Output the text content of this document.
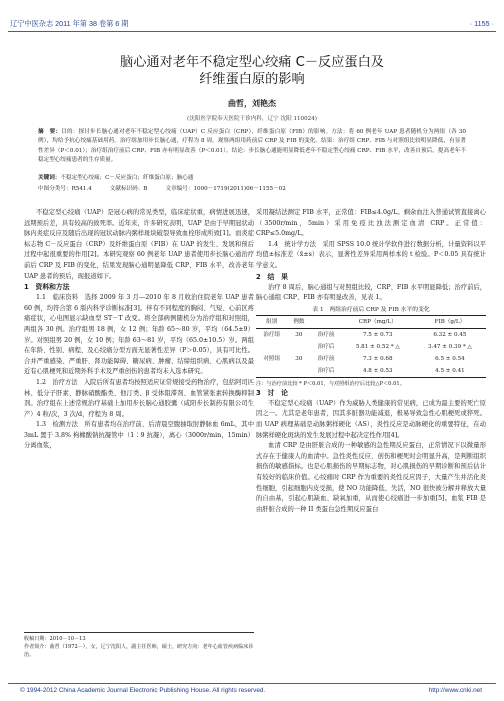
辽宁中医杂志 2011 年第 38 卷第 6 期	· 1155 ·
脑心通对老年不稳定型心绞痛 C－反应蛋白及
纤维蛋白原的影响
曲哲，刘艳杰
(沈阳医学院奉天医院干诊内科，辽宁 沈阳 110024)
摘　要：目的：探讨步长脑心通对老年不稳定型心绞痛（UAP）C 反应蛋白（CRP）、纤维蛋白原（FIB）的影响。方法：将 60 例老年 UAP 患者随机分为两组（各 30 例），均给予抗心绞痛基础用药。治疗组加用步长脑心通，疗程为 8 周，观察两组用药前后 CRP 及 FIB 的变化。结果：治疗组 CRP、FIB 与对照组比较明显降低，有显著性差异（P＜0.01）；治疗组治疗前后 CRP、FIB 亦有明显改善（P＜0.01）。结论：步长脑心通能明显降低老年不稳定型心绞痛 CRP、FIB 水平，改善自预后，提高老年不稳定型心绞痛患者的生存质量。
关键词：不稳定型心绞痛；C－反应蛋白；纤维蛋白原；脑心通
中图分类号：R541.4	文献标识码：B	文章编号：1000－1719(2011)06－1155－02

不稳定型心绞痛（UAP）是冠心病的常见类型，临床症状重，病情进展迅速，远期预后差，具有较高的致死率。近年来，许多研究表明，UAP 是由于早期冠状动脉内炎症反应及随后出现的冠状动脉内粥样斑块破裂导致血栓形成所致[1]。而炎症标志物 C－反应蛋白（CRP）及纤维蛋白原（FIB）在 UAP 的发生、发展和预后过程中起很重要的作用[2]。本研究观察 60 例老年 UAP 患者使用步长脑心通治疗前后 CRP 及 FIB 的变化，结果发现脑心通明显降低 CRP、FIB 水平，改善老年 UAP 患者的预后，现报道如下。

1　资料和方法

1.1　临床资料　选择 2009 年 3 月—2010 年 8 月收治住院老年 UAP 患者 60 例，均符合第 6 版内科学诊断标准[3]。伴有不同程度的胸闷、气短、心前区疼痛症状，心电图显示缺血型 ST－T 改变。将全部病例随机分为治疗组和对照组，两组各 30 例。治疗组男 18 例，女 12 例；年龄 65～80 岁，平均（64.5±9）岁。对照组男 20 例，女 10 例；年龄 63～81 岁，平均（65.0±10.5）岁。两组在年龄、性别、病程、及心绞痛分型方面无显著性差异（P＞0.05），具有可比性。合并严重感染、严重肝、肾功能障碍、糖尿病、肿瘤、结缔组织病、心肌病以及最近有心肌梗死和近期外科手术及严重创伤的患者均未入选本研究。

1.2　治疗方法　入院后所有患者均按照适应证常规接受药物治疗，包括阿司匹林、低分子肝素、静脉硝酸酯类、他汀类、β 受体阻滞剂、血管紧张素转换酶抑制剂。治疗组在上述常规治疗基础上加用步长脑心通胶囊（咸阳步长制药有限公司生产）4 粒/次，3 次/d，疗程为 8 周。

1.3　检测方法　所有患者均在治疗前、后清晨空腹抽取肘静脉血 6mL，其中 3mL 置于 3.8% 枸橼酸钠抗凝管中（1∶9 抗凝），离心（3000r/min，15min）分离血浆，

采用凝结法测定 FIB 水平，正常值：FIB≤4.0g/L。剩余血注入普通试管直接离心（3500r/min，5min）采用免疫比浊法测定血清 CRP。正常值：CRP≤5.0mg/L。

1.4　统计学方法　采用 SPSS 10.0 统计学软件进行数据分析，计量资料以平均值±标准差（x̄±s）表示，显著性差异采用两样本的 t 检验。P＜0.05 具有统计学意义。

2　结　果

治疗 8 周后，脑心通组与对照组比较，CRP、FIB 水平明显降低；治疗前后，脑心通组 CRP、FIB 亦有明显改善，见表 1。

表 1　两组治疗前后 CRP 及 FIB 水平的变化
组别	例数		CRP（mg/L）	FIB（g/L）
治疗组	30	治疗前	7.5 ± 0.73	6.32 ± 0.45
		治疗后	5.81 ± 0.52 * △	3.47 ± 0.39 * △
对照组	30	治疗前	7.3 ± 0.68	6.5 ± 0.54
		治疗后	4.8 ± 0.53	4.5 ± 0.41
注：与治疗前比较 * P＜0.01，与对照组治疗后比较△P＜0.01。
3　讨　论

不稳定型心绞痛（UAP）作为威胁人类健康的常见病，已成为最主要的死亡原因之一。尤其是老年患者，因其多脏器功能减退，极易导致急性心肌梗死或猝死。而 UAP 病理基础是动脉粥样硬化（AS），炎性反应是动脉硬化的重要特征，在动脉粥样硬化斑块的发生发展过程中起决定性作用[4]。

血清 CRP 是由肝脏合成的一种敏感的急性期反应蛋白，正常情况下以微量形式存在于健康人的血清中。急性炎性反应、创伤和梗死时会明显升高，是判断组织损伤的敏感指标。也是心肌损伤的早期标志物，对心肌损伤的早期诊断和预后估计有较好的临床价值。心绞痛时 CRP 作为重要的炎性反应因子，大量产生并活化炎性细胞，引起细胞内皮受损，使 NO 功能降低、失活，NO 很快被分解并释放大量的自由基，引起心肌缺血、缺氧加重，从而使心绞痛进一步加重[5]。血浆 FIB 是由肝脏合成的一种 II 类蛋白急性期反应蛋白

收稿日期：2010－10－13
作者简介：曲哲（1972－），女，辽宁沈阳人，副主任医师，硕士，研究方向：老年心血管疾病临床诊治。
© 1994-2012 China Academic Journal Electronic Publishing House. All rights reserved.	http://www.cnki.net
